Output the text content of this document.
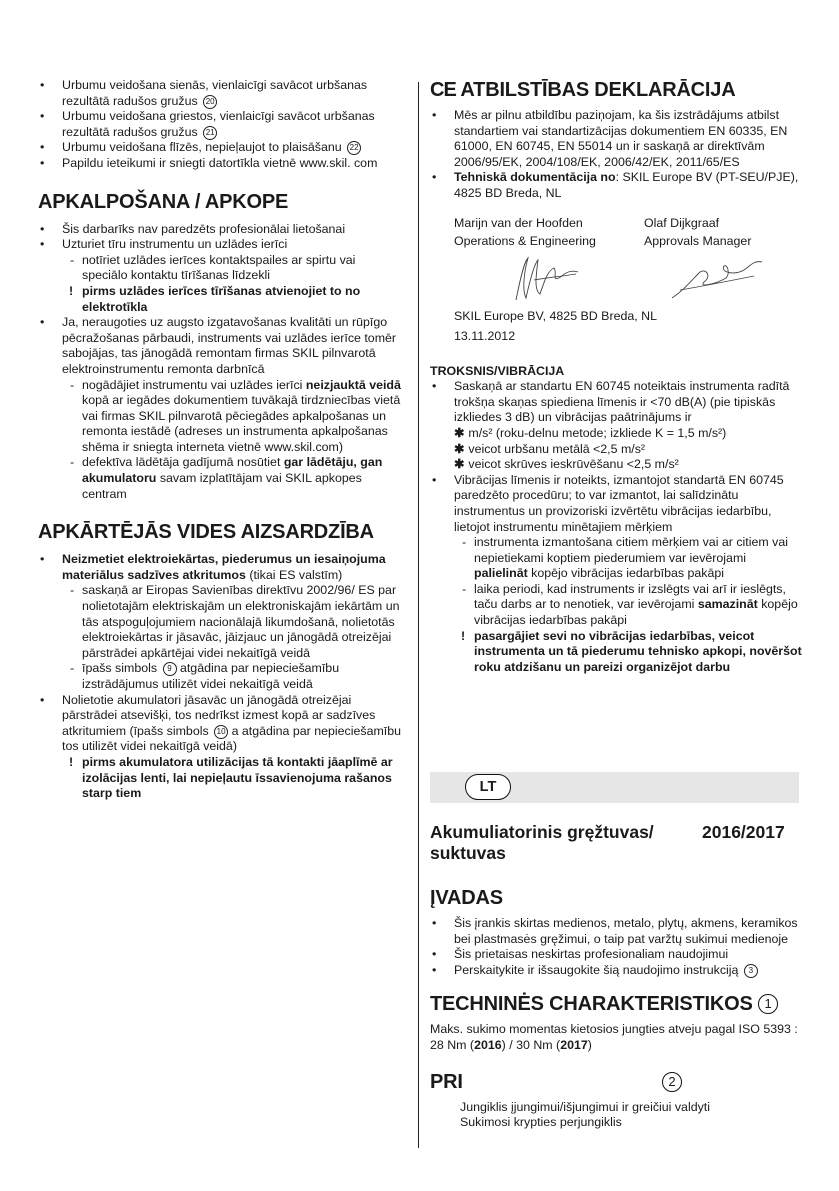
• Urbumu veidošana sienās, vienlaicīgi savācot urbšanas rezultātā radušos gružus 20
• Urbumu veidošana griestos, vienlaicīgi savācot urbšanas rezultātā radušos gružus 21
• Urbumu veidošana flīzēs, nepieļaujot to plaisāšanu 22
• Papildu ieteikumi ir sniegti datortīkla vietnē www.skil. com
APKALPOŠANA / APKOPE
• Šis darbarīks nav paredzēts profesionālai lietošanai
• Uzturiet tīru instrumentu un uzlādes ierīci
- notīriet uzlādes ierīces kontaktspailes ar spirtu vai speciālo kontaktu tīrīšanas līdzekli
! pirms uzlādes ierīces tīrīšanas atvienojiet to no elektrotīkla
• Ja, neraugoties uz augsto izgatavošanas kvalitāti un rūpīgo pēcražošanas pārbaudi, instruments vai uzlādes ierīce tomēr sabojājas, tas jānogādā remontam firmas SKIL pilnvarotā elektroinstrumentu remonta darbnīcā
- nogādājiet instrumentu vai uzlādes ierīci neizjauktā veidā kopā ar iegādes dokumentiem tuvākajā tirdzniecības vietā vai firmas SKIL pilnvarotā pēciegādes apkalpošanas un remonta iestādē (adreses un instrumenta apkalpošanas shēma ir sniegta interneta vietnē www.skil.com)
- defektīva lādētāja gadījumā nosūtiet gar lādētāju, gan akumulatoru savam izplatītājam vai SKIL apkopes centram
APKĀRTĒJĀS VIDES AIZSARDZĪBA
• Neizmetiet elektroiekārtas, piederumus un iesaiņojuma materiālus sadzīves atkritumos (tikai ES valstīm)
- saskaņā ar Eiropas Savienības direktīvu 2002/96/ ES par nolietotajām elektriskajām un elektroniskajām iekārtām un tās atspoguļojumiem nacionālajā likumdošanā, nolietotās elektroiekārtas ir jāsavāc, jāizjauc un jānogādā otreizējai pārstrādei apkārtējai videi nekaitīgā veidā
- īpašs simbols 9 atgādina par nepieciešamību izstrādājumus utilizēt videi nekaitīgā veidā
• Nolietotie akumulatori jāsavāc un jānogādā otreizējai pārstrādei atsevišķi, tos nedrīkst izmest kopā ar sadzīves atkritumiem (īpašs simbols 10 a atgādina par nepieciešamību tos utilizēt videi nekaitīgā veidā)
! pirms akumulatora utilizācijas tā kontakti jāaplīmē ar izolācijas lenti, lai nepieļautu īssavienojuma rašanos starp tiem
CE ATBILSTĪBAS DEKLARĀCIJA
• Mēs ar pilnu atbildību paziņojam, ka šis izstrādājums atbilst standartiem vai standartizācijas dokumentiem EN 60335, EN 61000, EN 60745, EN 55014 un ir saskaņā ar direktīvām 2006/95/EK, 2004/108/EK, 2006/42/EK, 2011/65/ES
• Tehniskā dokumentācija no: SKIL Europe BV (PT-SEU/PJE), 4825 BD Breda, NL
Marijn van der Hoofden	Olaf Dijkgraaf
Operations & Engineering	Approvals Manager
SKIL Europe BV, 4825 BD Breda, NL
13.11.2012
TROKSNIS/VIBRĀCIJA
• Saskaņā ar standartu EN 60745 noteiktais instrumenta radītā trokšņa skaņas spiediena līmenis ir <70 dB(A) (pie tipiskās izkliedes 3 dB) un vibrācijas paātrinājums ir
✱ m/s² (roku-delnu metode; izkliede K = 1,5 m/s²)
✱ veicot urbšanu metālā <2,5 m/s²
✱ veicot skrūves ieskrūvēšanu <2,5 m/s²
• Vibrācijas līmenis ir noteikts, izmantojot standartā EN 60745 paredzēto procedūru; to var izmantot, lai salīdzinātu instrumentus un provizoriski izvērtētu vibrācijas iedarbību, lietojot instrumentu minētajiem mērķiem
- instrumenta izmantošana citiem mērķiem vai ar citiem vai nepietiekami koptiem piederumiem var ievērojami palielināt kopējo vibrācijas iedarbības pakāpi
- laika periodi, kad instruments ir izslēgts vai arī ir ieslēgts, taču darbs ar to nenotiek, var ievērojami samazināt kopējo vibrācijas iedarbības pakāpi
! pasargājiet sevi no vibrācijas iedarbības, veicot instrumenta un tā piederumu tehnisko apkopi, novēršot roku atdzišanu un pareizi organizējot darbu
LT
Akumuliatorinis gręžtuvas/ suktuvas
2016/2017
ĮVADAS
• Šis įrankis skirtas medienos, metalo, plytų, akmens, keramikos bei plastmasės gręžimui, o taip pat varžtų sukimui medienoje
• Šis prietaisas neskirtas profesionaliam naudojimui
• Perskaitykite ir išsaugokite šią naudojimo instrukciją 3
TECHNINĖS CHARAKTERISTIKOS 1
Maks. sukimo momentas kietosios jungties atveju pagal ISO 5393 : 28 Nm (2016) / 30 Nm (2017)
PRI	2
Jungiklis įjungimui/išjungimui ir greičiui valdyti
Sukimosi krypties perjungiklis
